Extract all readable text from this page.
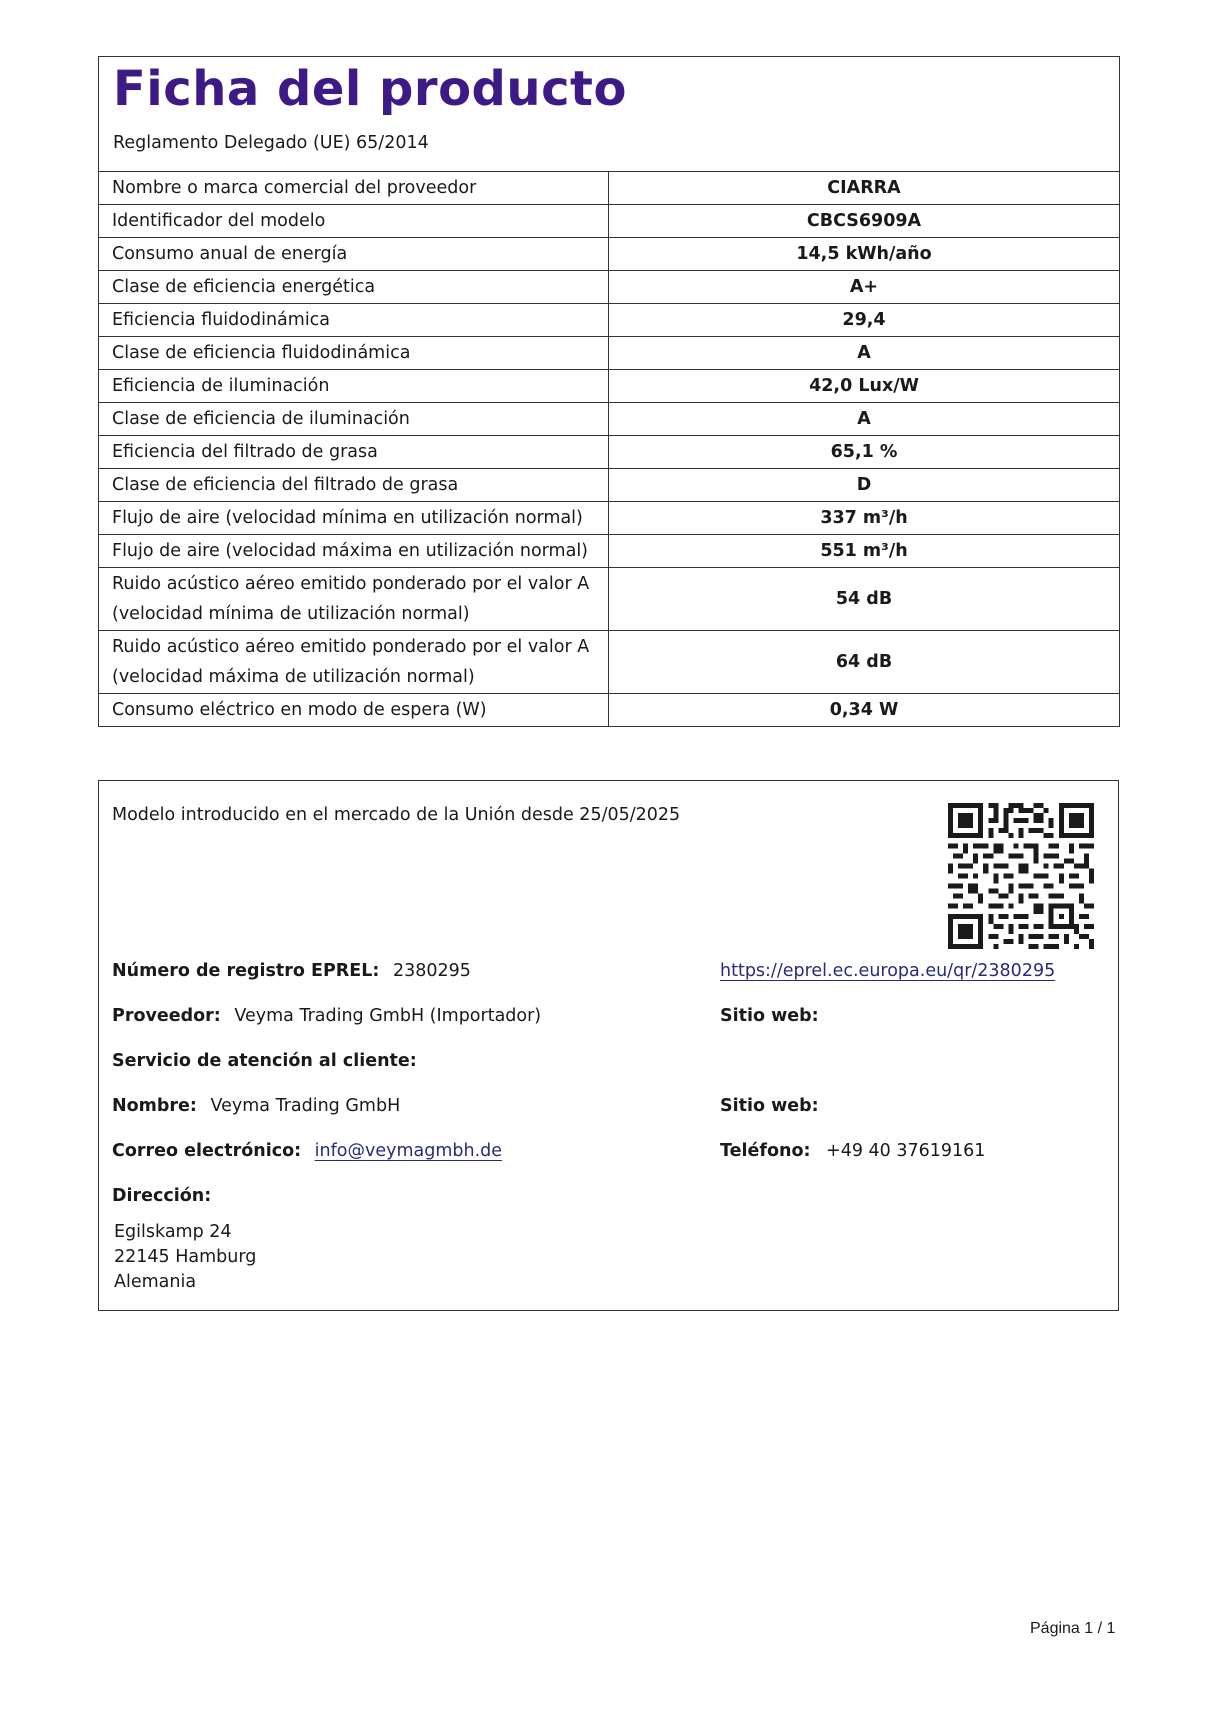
Ficha del producto
Reglamento Delegado (UE) 65/2014
Nombre o marca comercial del proveedor	CIARRA
Identificador del modelo	CBCS6909A
Consumo anual de energía	14,5 kWh/año
Clase de eficiencia energética	A+
Eficiencia fluidodinámica	29,4
Clase de eficiencia fluidodinámica	A
Eficiencia de iluminación	42,0 Lux/W
Clase de eficiencia de iluminación	A
Eficiencia del filtrado de grasa	65,1 %
Clase de eficiencia del filtrado de grasa	D
Flujo de aire (velocidad mínima en utilización normal)	337 m³/h
Flujo de aire (velocidad máxima en utilización normal)	551 m³/h

Ruido acústico aéreo emitido ponderado por el valor A
(velocidad mínima de utilización normal)	54 dB

Ruido acústico aéreo emitido ponderado por el valor A
(velocidad máxima de utilización normal)	64 dB
Consumo eléctrico en modo de espera (W)	0,34 W
Modelo introducido en el mercado de la Unión desde 25/05/2025
Número de registro EPREL: 2380295	https://eprel.ec.europa.eu/qr/2380295
Proveedor: Veyma Trading GmbH (Importador)	Sitio web:
Servicio de atención al cliente:
Nombre: Veyma Trading GmbH	Sitio web:
Correo electrónico: info@veymagmbh.de	Teléfono: +49 40 37619161
Dirección:
Egilskamp 24
22145 Hamburg
Alemania
Página 1 / 1
